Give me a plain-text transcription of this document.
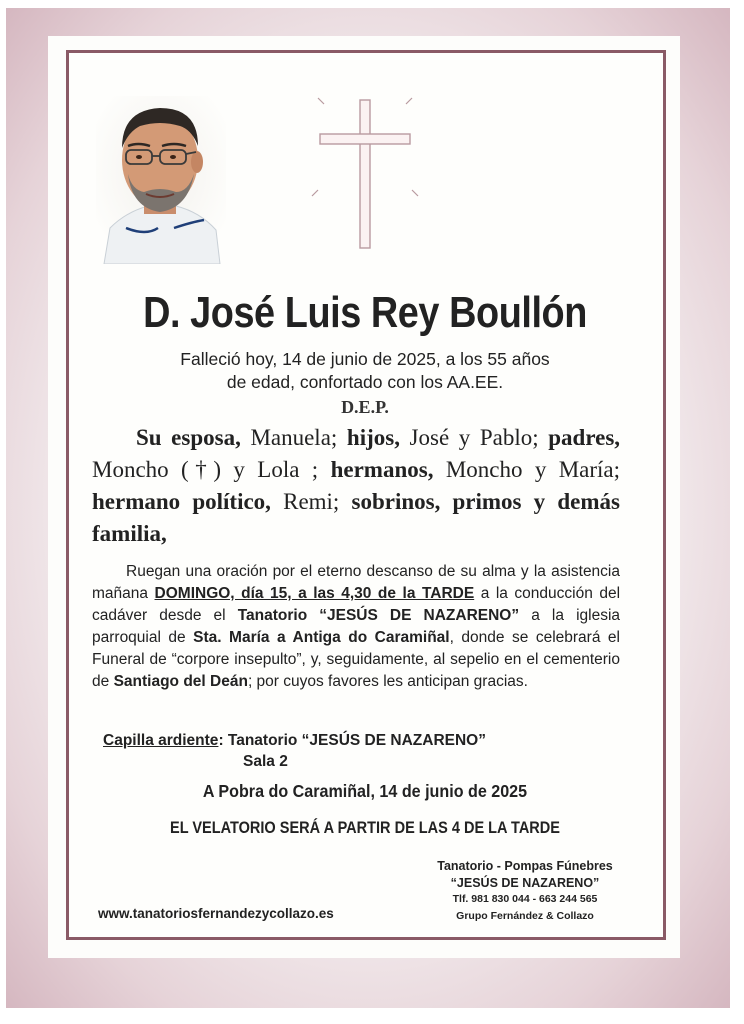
D. José Luis Rey Boullón
Falleció hoy, 14 de junio de 2025, a los 55 años
de edad, confortado con los AA.EE.
D.E.P.
Su esposa, Manuela; hijos, José y Pablo; padres, Moncho (†) y Lola ; hermanos, Moncho y María; hermano político, Remi; sobrinos, primos y demás familia,
Ruegan una oración por el eterno descanso de su alma y la asistencia mañana DOMINGO, día 15, a las 4,30 de la TARDE a la conducción del cadáver desde el Tanatorio “JESÚS DE NAZARENO” a la iglesia parroquial de Sta. María a Antiga do Caramiñal, donde se celebrará el Funeral de “corpore insepulto”, y, seguidamente, al sepelio en el cementerio de Santiago del Deán; por cuyos favores les anticipan gracias.
Capilla ardiente: Tanatorio “JESÚS DE NAZARENO”
Sala 2
A Pobra do Caramiñal, 14 de junio de 2025
EL VELATORIO SERÁ A PARTIR DE LAS 4 DE LA TARDE
Tanatorio - Pompas Fúnebres
“JESÚS DE NAZARENO”
Tlf. 981 830 044 - 663 244 565
Grupo Fernández & Collazo
www.tanatoriosfernandezycollazo.es
